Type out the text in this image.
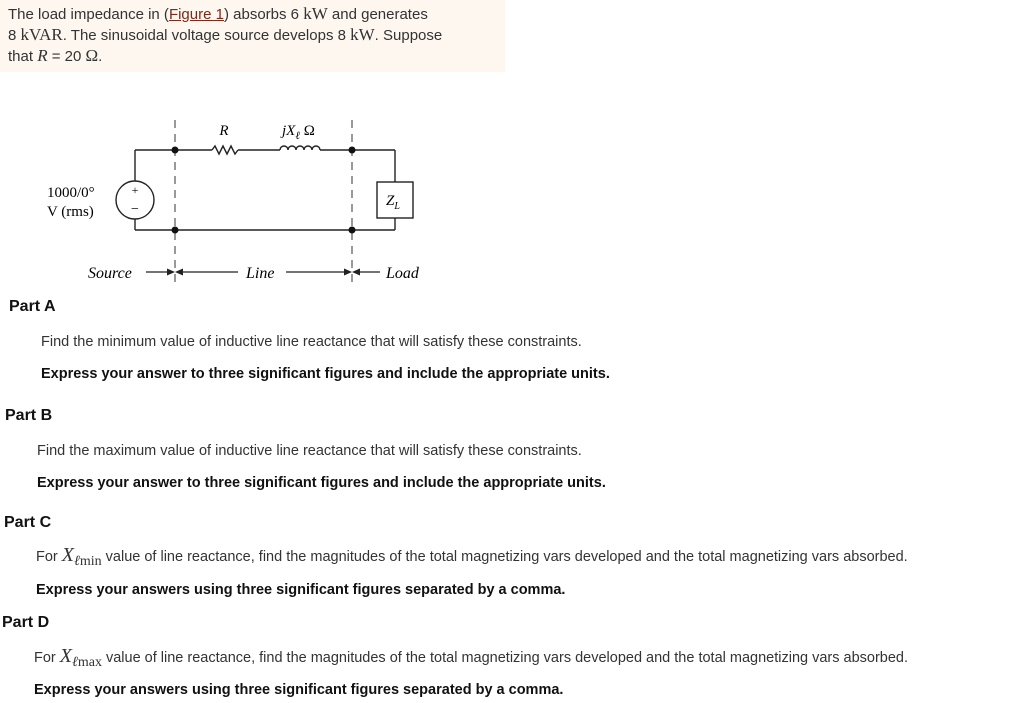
The load impedance in (Figure 1) absorbs 6 kW and generates
8 kVAR. The sinusoidal voltage source develops 8 kW. Suppose
that R = 20 Ω.
+
−
$Z_L$
R	$jX_\ell$ Ω
1000/0°
V (rms)
Source	Line	Load
Part A
Find the minimum value of inductive line reactance that will satisfy these constraints.
Express your answer to three significant figures and include the appropriate units.
Part B
Find the maximum value of inductive line reactance that will satisfy these constraints.
Express your answer to three significant figures and include the appropriate units.
Part C
For Xℓmin value of line reactance, find the magnitudes of the total magnetizing vars developed and the total magnetizing vars absorbed.
Express your answers using three significant figures separated by a comma.
Part D
For Xℓmax value of line reactance, find the magnitudes of the total magnetizing vars developed and the total magnetizing vars absorbed.
Express your answers using three significant figures separated by a comma.
